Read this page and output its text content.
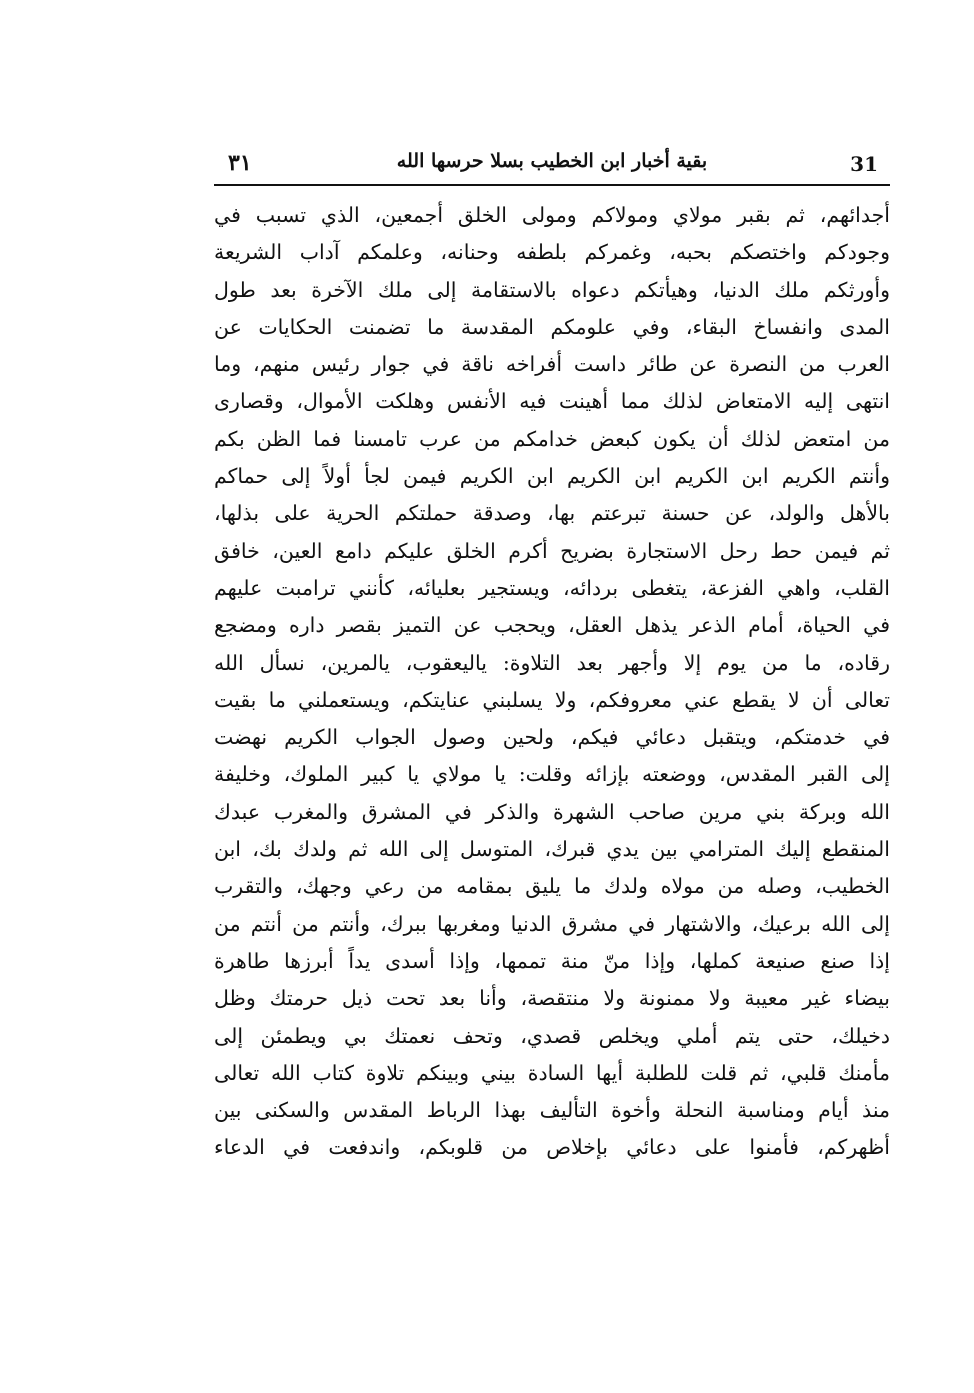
31
بقية أخبار ابن الخطيب بسلا حرسها الله
٣١
أجدائهم، ثم بقبر مولاي ومولاكم ومولى الخلق أجمعين، الذي تسبب في
وجودكم واختصكم بحبه، وغمركم بلطفه وحنانه، وعلمكم آداب الشريعة
وأورثكم ملك الدنيا، وهيأتكم دعواه بالاستقامة إلى ملك الآخرة بعد طول
المدى وانفساخ البقاء، وفي علومكم المقدسة ما تضمنت الحكايات عن
العرب من النصرة عن طائر داست أفراخه ناقة في جوار رئيس منهم، وما
انتهى إليه الامتعاض لذلك مما أهينت فيه الأنفس وهلكت الأموال، وقصارى
من امتعض لذلك أن يكون كبعض خدامكم من عرب تامسنا فما الظن بكم
وأنتم الكريم ابن الكريم ابن الكريم ابن الكريم فيمن لجأ أولاً إلى حماكم
بالأهل والولد، عن حسنة تبرعتم بها، وصدقة حملتكم الحرية على بذلها،
ثم فيمن حط رحل الاستجارة بضريح أكرم الخلق عليكم دامع العين، خافق
القلب، واهي الفزعة، يتغطى بردائه، ويستجير بعليائه، كأنني ترامبت عليهم
في الحياة، أمام الذعر يذهل العقل، ويحجب عن التميز بقصر داره ومضجع
رقاده، ما من يوم إلا وأجهر بعد التلاوة: ياليعقوب، يالمرين، نسأل الله
تعالى أن لا يقطع عني معروفكم، ولا يسلبني عنايتكم، ويستعملني ما بقيت
في خدمتكم، ويتقبل دعائي فيكم، ولحين وصول الجواب الكريم نهضت
إلى القبر المقدس، ووضعته بإزائه وقلت: يا مولاي يا كبير الملوك، وخليفة
الله وبركة بني مرين صاحب الشهرة والذكر في المشرق والمغرب عبدك
المنقطع إليك المترامي بين يدي قبرك، المتوسل إلى الله ثم ولدك بك، ابن
الخطيب، وصله من مولاه ولدك ما يليق بمقامه من رعي وجهك، والتقرب
إلى الله برعيك، والاشتهار في مشرق الدنيا ومغربها ببرك، وأنتم من أنتم من
إذا صنع صنيعة كملها، وإذا منّ منة تممها، وإذا أسدى يداً أبرزها طاهرة
بيضاء غير معيبة ولا ممنونة ولا منتقصة، وأنا بعد تحت ذيل حرمتك وظل
دخيلك، حتى يتم أملي ويخلص قصدي، وتحف نعمتك بي ويطمئن إلى
مأمنك قلبي، ثم قلت للطلبة أيها السادة بيني وبينكم تلاوة كتاب الله تعالى
منذ أيام ومناسبة النحلة وأخوة التأليف بهذا الرباط المقدس والسكنى بين
أظهركم، فأمنوا على دعائي بإخلاص من قلوبكم، واندفعت في الدعاء
